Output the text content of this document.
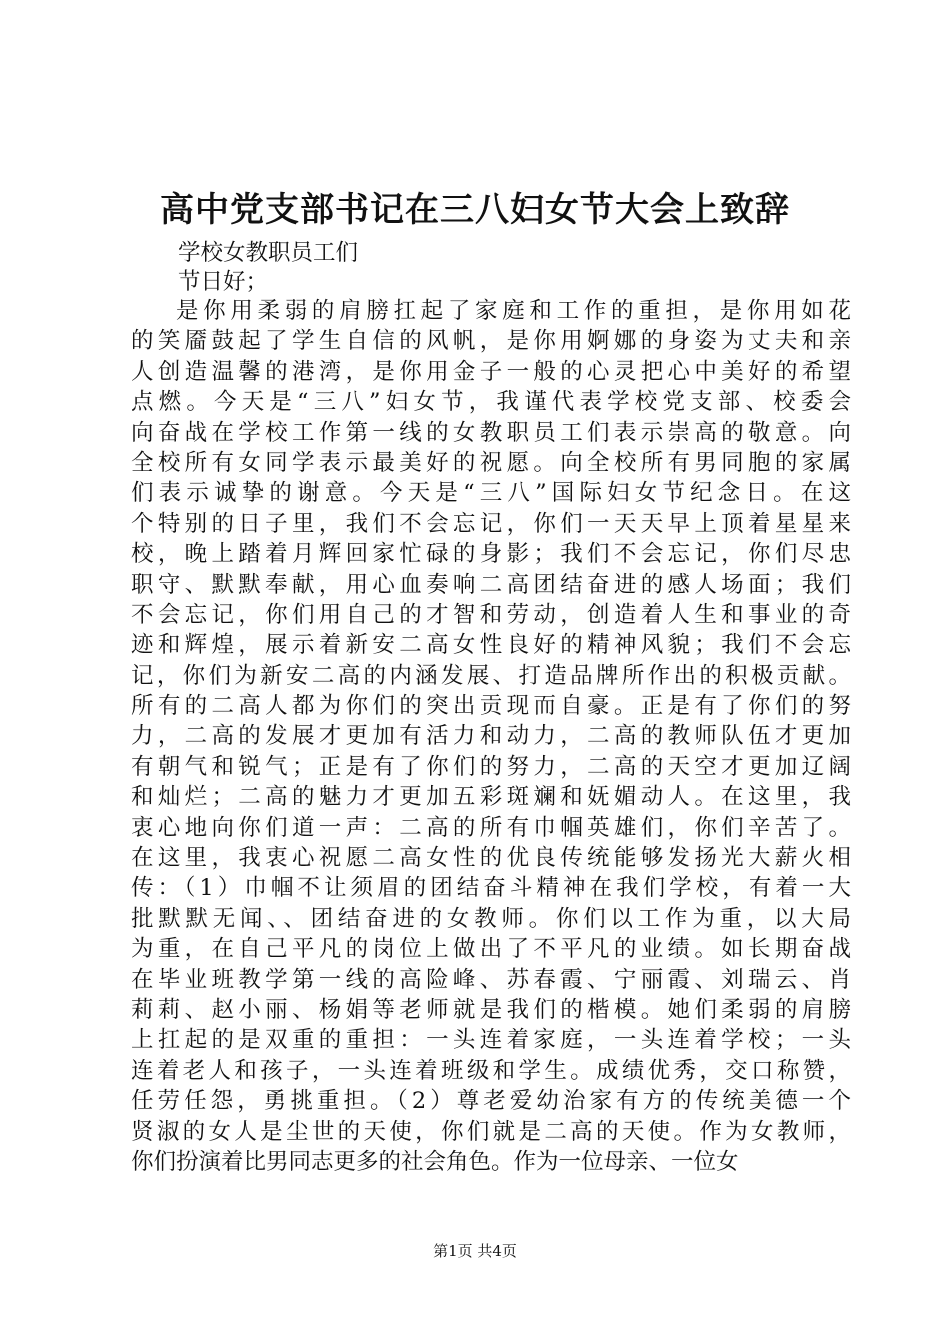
高中党支部书记在三八妇女节大会上致辞
学校女教职员工们
节日好；
是你用柔弱的肩膀扛起了家庭和工作的重担，是你用如花
的笑靥鼓起了学生自信的风帆，是你用婀娜的身姿为丈夫和亲
人创造温馨的港湾，是你用金子一般的心灵把心中美好的希望
点燃。今天是“三八”妇女节，我谨代表学校党支部、校委会
向奋战在学校工作第一线的女教职员工们表示崇高的敬意。向
全校所有女同学表示最美好的祝愿。向全校所有男同胞的家属
们表示诚挚的谢意。今天是“三八”国际妇女节纪念日。在这
个特别的日子里，我们不会忘记，你们一天天早上顶着星星来
校，晚上踏着月辉回家忙碌的身影；我们不会忘记，你们尽忠
职守、默默奉献，用心血奏响二高团结奋进的感人场面；我们
不会忘记，你们用自己的才智和劳动，创造着人生和事业的奇
迹和辉煌，展示着新安二高女性良好的精神风貌；我们不会忘
记，你们为新安二高的内涵发展、打造品牌所作出的积极贡献。
所有的二高人都为你们的突出贡现而自豪。正是有了你们的努
力，二高的发展才更加有活力和动力，二高的教师队伍才更加
有朝气和锐气；正是有了你们的努力，二高的天空才更加辽阔
和灿烂；二高的魅力才更加五彩斑斓和妩媚动人。在这里，我
衷心地向你们道一声：二高的所有巾帼英雄们，你们辛苦了。
在这里，我衷心祝愿二高女性的优良传统能够发扬光大薪火相
传：（1）巾帼不让须眉的团结奋斗精神在我们学校，有着一大
批默默无闻、、团结奋进的女教师。你们以工作为重，以大局
为重，在自己平凡的岗位上做出了不平凡的业绩。如长期奋战
在毕业班教学第一线的高险峰、苏春霞、宁丽霞、刘瑞云、肖
莉莉、赵小丽、杨娟等老师就是我们的楷模。她们柔弱的肩膀
上扛起的是双重的重担：一头连着家庭，一头连着学校；一头
连着老人和孩子，一头连着班级和学生。成绩优秀，交口称赞，
任劳任怨，勇挑重担。（2）尊老爱幼治家有方的传统美德一个
贤淑的女人是尘世的天使，你们就是二高的天使。作为女教师，
你们扮演着比男同志更多的社会角色。作为一位母亲、一位女
第1页 共4页
